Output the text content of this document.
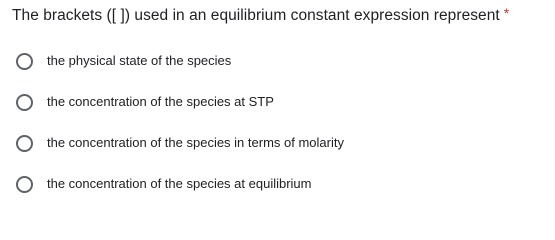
The brackets ([ ]) used in an equilibrium constant expression represent *
the physical state of the species
the concentration of the species at STP
the concentration of the species in terms of molarity
the concentration of the species at equilibrium
